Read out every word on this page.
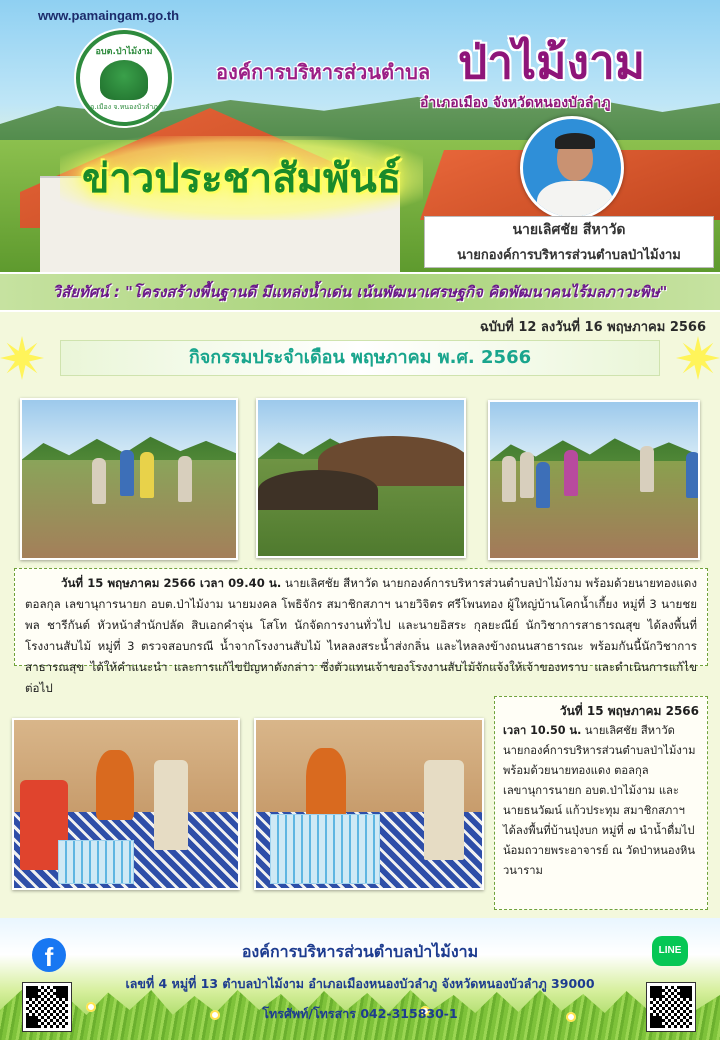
www.pamaingam.go.th
อบต.ป่าไม้งาม
อ.เมือง จ.หนองบัวลำภู
องค์การบริหารส่วนตำบล ป่าไม้งาม
อำเภอเมือง จังหวัดหนองบัวลำภู
ข่าวประชาสัมพันธ์
นายเลิศชัย สีหาวัด
นายกองค์การบริหารส่วนตำบลป่าไม้งาม
วิสัยทัศน์ : "โครงสร้างพื้นฐานดี มีแหล่งน้ำเด่น เน้นพัฒนาเศรษฐกิจ คิดพัฒนาคนไร้มลภาวะพิษ"
ฉบับที่ 12 ลงวันที่ 16 พฤษภาคม 2566
กิจกรรมประจำเดือน พฤษภาคม พ.ศ. 2566
วันที่ 15 พฤษภาคม 2566 เวลา 09.40 น. นายเลิศชัย สีหาวัด นายกองค์การบริหารส่วนตำบลป่าไม้งาม พร้อมด้วยนายทองแดง ตอลกุล เลขานุการนายก อบต.ป่าไม้งาม นายมงคล โพธิจักร สมาชิกสภาฯ นายวิจิตร ศรีโพนทอง ผู้ใหญ่บ้านโคกน้ำเกี้ยง หมู่ที่ 3 นายชยพล ชารีกันต์ หัวหน้าสำนักปลัด สิบเอกคำจุ่น โสโท นักจัดการงานทั่วไป และนายอิสระ กุลยะณีย์ นักวิชาการสาธารณสุข ได้ลงพื้นที่ โรงงานสับไม้ หมู่ที่ 3 ตรวจสอบกรณี น้ำจากโรงงานสับไม้ ไหลลงสระน้ำส่งกลิ่น และไหลลงข้างถนนสาธารณะ พร้อมกันนี้นักวิชาการสาธารณสุข ได้ให้คำแนะนำ และการแก้ไขปัญหาดังกล่าว ซึ่งตัวแทนเจ้าของโรงงานสับไม้จักแจ้งให้เจ้าของทราบ และดำเนินการแก้ไขต่อไป
วันที่ 15 พฤษภาคม 2566
เวลา 10.50 น. นายเลิศชัย สีหาวัด นายกองค์การบริหารส่วนตำบลป่าไม้งาม พร้อมด้วยนายทองแดง ตอลกุล เลขานุการนายก อบต.ป่าไม้งาม และนายธนวัฒน์ แก้วประทุม สมาชิกสภาฯ ได้ลงพื้นที่บ้านปุ่งบก หมู่ที่ ๗ นำน้ำดื่มไปน้อมถวายพระอาจารย์ ณ วัดป่าหนองหินวนาราม
f	LINE
องค์การบริหารส่วนตำบลป่าไม้งาม
เลขที่ 4 หมู่ที่ 13 ตำบลป่าไม้งาม อำเภอเมืองหนองบัวลำภู จังหวัดหนองบัวลำภู 39000
โทรศัพท์/โทรสาร 042-315830-1
